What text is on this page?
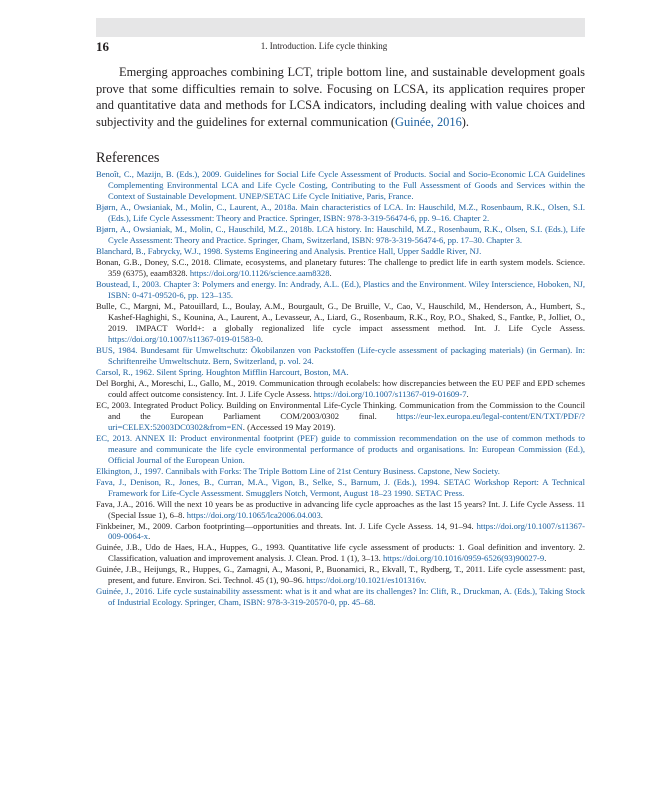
16	1. Introduction. Life cycle thinking

Emerging approaches combining LCT, triple bottom line, and sustainable development goals prove that some difficulties remain to solve. Focusing on LCSA, its application requires proper and quantitative data and methods for LCSA indicators, including dealing with value choices and subjectivity and the guidelines for external communication (Guinée, 2016).

References
Benoît, C., Mazijn, B. (Eds.), 2009. Guidelines for Social Life Cycle Assessment of Products. Social and Socio-Economic LCA Guidelines Complementing Environmental LCA and Life Cycle Costing, Contributing to the Full Assessment of Goods and Services within the Context of Sustainable Development. UNEP/SETAC Life Cycle Initiative, Paris, France.
Bjørn, A., Owsianiak, M., Molin, C., Laurent, A., 2018a. Main characteristics of LCA. In: Hauschild, M.Z., Rosenbaum, R.K., Olsen, S.I. (Eds.), Life Cycle Assessment: Theory and Practice. Springer, ISBN: 978-3-319-56474-6, pp. 9–16. Chapter 2.
Bjørn, A., Owsianiak, M., Molin, C., Hauschild, M.Z., 2018b. LCA history. In: Hauschild, M.Z., Rosenbaum, R.K., Olsen, S.I. (Eds.), Life Cycle Assessment: Theory and Practice. Springer, Cham, Switzerland, ISBN: 978-3-319-56474-6, pp. 17–30. Chapter 3.
Blanchard, B., Fabrycky, W.J., 1998. Systems Engineering and Analysis. Prentice Hall, Upper Saddle River, NJ.
Bonan, G.B., Doney, S.C., 2018. Climate, ecosystems, and planetary futures: The challenge to predict life in earth system models. Science. 359 (6375), eaam8328. https://doi.org/10.1126/science.aam8328.
Boustead, I., 2003. Chapter 3: Polymers and energy. In: Andrady, A.L. (Ed.), Plastics and the Environment. Wiley Interscience, Hoboken, NJ, ISBN: 0-471-09520-6, pp. 123–135.
Bulle, C., Margni, M., Patouillard, L., Boulay, A.M., Bourgault, G., De Bruille, V., Cao, V., Hauschild, M., Henderson, A., Humbert, S., Kashef-Haghighi, S., Kounina, A., Laurent, A., Levasseur, A., Liard, G., Rosenbaum, R.K., Roy, P.O., Shaked, S., Fantke, P., Jolliet, O., 2019. IMPACT World+: a globally regionalized life cycle impact assessment method. Int. J. Life Cycle Assess. https://doi.org/10.1007/s11367-019-01583-0.
BUS, 1984. Bundesamt für Umweltschutz: Ökobilanzen von Packstoffen (Life-cycle assessment of packaging materials) (in German). In: Schriftenreihe Umweltschutz. Bern, Switzerland, p. vol. 24.
Carsol, R., 1962. Silent Spring. Houghton Mifflin Harcourt, Boston, MA.
Del Borghi, A., Moreschi, L., Gallo, M., 2019. Communication through ecolabels: how discrepancies between the EU PEF and EPD schemes could affect outcome consistency. Int. J. Life Cycle Assess. https://doi.org/10.1007/s11367-019-01609-7.
EC, 2003. Integrated Product Policy. Building on Environmental Life-Cycle Thinking. Communication from the Commission to the Council and the European Parliament COM/2003/0302 final. https://eur-lex.europa.eu/legal-content/EN/TXT/PDF/?uri=CELEX:52003DC0302&from=EN. (Accessed 19 May 2019).
EC, 2013. ANNEX II: Product environmental footprint (PEF) guide to commission recommendation on the use of common methods to measure and communicate the life cycle environmental performance of products and organisations. In: European Commission (Ed.), Official Journal of the European Union.
Elkington, J., 1997. Cannibals with Forks: The Triple Bottom Line of 21st Century Business. Capstone, New Society.
Fava, J., Denison, R., Jones, B., Curran, M.A., Vigon, B., Selke, S., Barnum, J. (Eds.), 1994. SETAC Workshop Report: A Technical Framework for Life-Cycle Assessment. Smugglers Notch, Vermont, August 18–23 1990. SETAC Press.
Fava, J.A., 2016. Will the next 10 years be as productive in advancing life cycle approaches as the last 15 years? Int. J. Life Cycle Assess. 11 (Special Issue 1), 6–8. https://doi.org/10.1065/lca2006.04.003.
Finkbeiner, M., 2009. Carbon footprinting—opportunities and threats. Int. J. Life Cycle Assess. 14, 91–94. https://doi.org/10.1007/s11367-009-0064-x.
Guinée, J.B., Udo de Haes, H.A., Huppes, G., 1993. Quantitative life cycle assessment of products: 1. Goal definition and inventory. 2. Classification, valuation and improvement analysis. J. Clean. Prod. 1 (1), 3–13. https://doi.org/10.1016/0959-6526(93)90027-9.
Guinée, J.B., Heijungs, R., Huppes, G., Zamagni, A., Masoni, P., Buonamici, R., Ekvall, T., Rydberg, T., 2011. Life cycle assessment: past, present, and future. Environ. Sci. Technol. 45 (1), 90–96. https://doi.org/10.1021/es101316v.
Guinée, J., 2016. Life cycle sustainability assessment: what is it and what are its challenges? In: Clift, R., Druckman, A. (Eds.), Taking Stock of Industrial Ecology. Springer, Cham, ISBN: 978-3-319-20570-0, pp. 45–68.
